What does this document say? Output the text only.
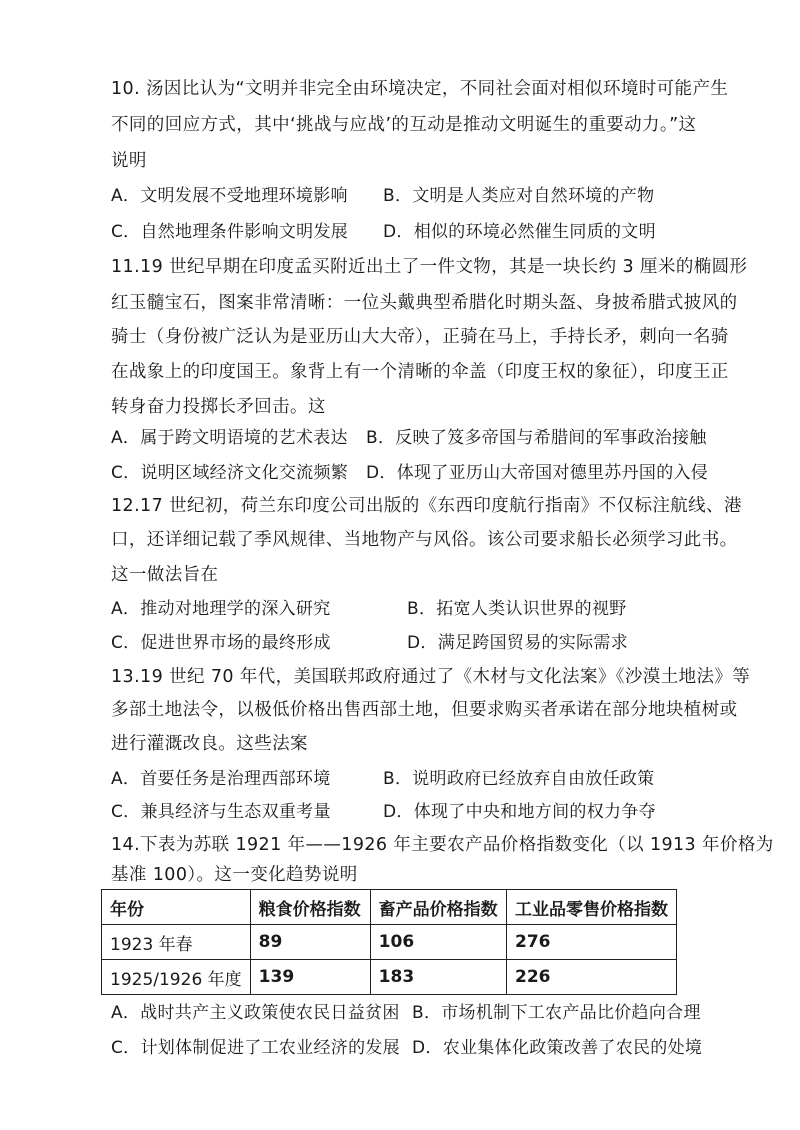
10. 汤因比认为“文明并非完全由环境决定，不同社会面对相似环境时可能产生
不同的回应方式，其中‘挑战与应战’的互动是推动文明诞生的重要动力。”这
说明
A．文明发展不受地理环境影响 B．文明是人类应对自然环境的产物
C．自然地理条件影响文明发展 D．相似的环境必然催生同质的文明
11.19 世纪早期在印度孟买附近出土了一件文物，其是一块长约 3 厘米的椭圆形
红玉髓宝石，图案非常清晰：一位头戴典型希腊化时期头盔、身披希腊式披风的
骑士（身份被广泛认为是亚历山大大帝），正骑在马上，手持长矛，刺向一名骑
在战象上的印度国王。象背上有一个清晰的伞盖（印度王权的象征），印度王正
转身奋力投掷长矛回击。这
A．属于跨文明语境的艺术表达 B．反映了笈多帝国与希腊间的军事政治接触
C．说明区域经济文化交流频繁 D．体现了亚历山大帝国对德里苏丹国的入侵
12.17 世纪初，荷兰东印度公司出版的《东西印度航行指南》不仅标注航线、港
口，还详细记载了季风规律、当地物产与风俗。该公司要求船长必须学习此书。
这一做法旨在
A．推动对地理学的深入研究	B．拓宽人类认识世界的视野
C．促进世界市场的最终形成	D．满足跨国贸易的实际需求
13.19 世纪 70 年代，美国联邦政府通过了《木材与文化法案》《沙漠土地法》等
多部土地法令，以极低价格出售西部土地，但要求购买者承诺在部分地块植树或
进行灌溉改良。这些法案
A．首要任务是治理西部环境	B．说明政府已经放弃自由放任政策
C．兼具经济与生态双重考量	D．体现了中央和地方间的权力争夺
14.下表为苏联 1921 年——1926 年主要农产品价格指数变化（以 1913 年价格为
基准 100）。这一变化趋势说明
年份	粮食价格指数	畜产品价格指数	工业品零售价格指数
1923 年春	89	106	276
1925/1926 年度	139	183	226
A．战时共产主义政策使农民日益贫困 B．市场机制下工农产品比价趋向合理
C．计划体制促进了工农业经济的发展 D．农业集体化政策改善了农民的处境
